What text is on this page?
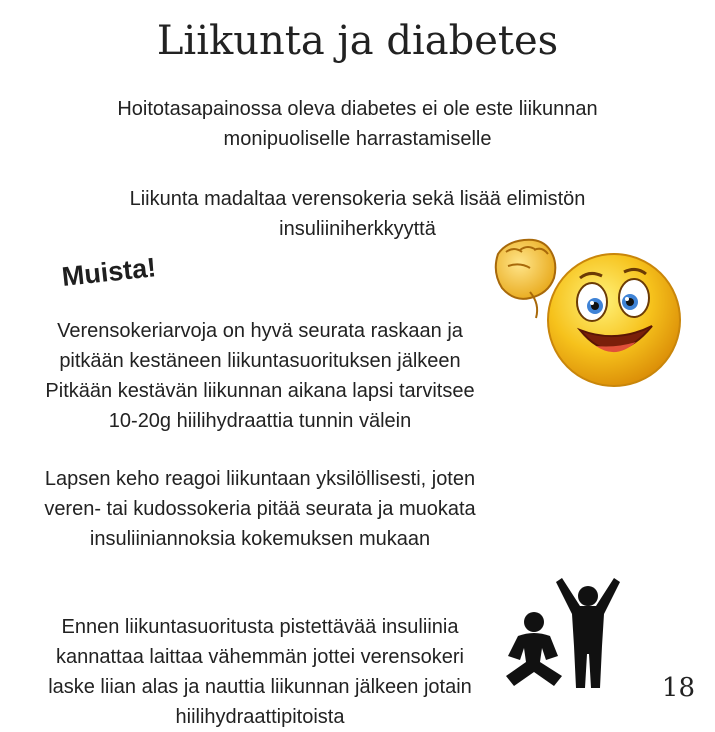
Liikunta ja diabetes
Hoitotasapainossa oleva diabetes ei ole este liikunnan monipuoliselle harrastamiselle
Liikunta madaltaa verensokeria sekä lisää elimistön insuliiniherkkyyttä
Muista!
Verensokeriarvoja on hyvä seurata raskaan ja pitkään kestäneen liikuntasuorituksen jälkeen Pitkään kestävän liikunnan aikana lapsi tarvitsee 10-20g hiilihydraattia tunnin välein
Lapsen keho reagoi liikuntaan yksilöllisesti, joten veren- tai kudossokeria pitää seurata ja muokata insuliiniannoksia kokemuksen mukaan
Ennen liikuntasuoritusta pistettävää insuliinia kannattaa laittaa vähemmän jottei verensokeri laske liian alas ja nauttia liikunnan jälkeen jotain hiilihydraattipitoista
18
